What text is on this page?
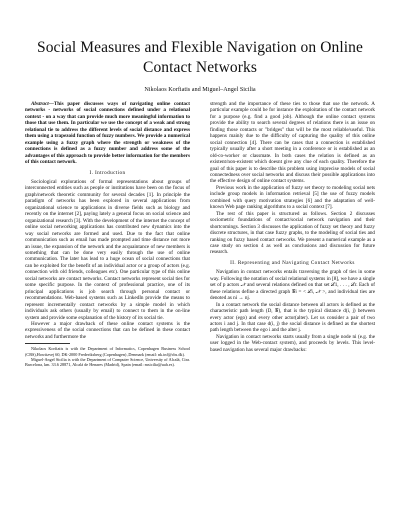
Social Measures and Flexible Navigation on Online Contact Networks
Nikolaos Korfiatis and Miguel–Angel Sicilia

Abstract—This paper discusses ways of navigating online contact networks - networks of social connections defined under a relational context - on a way that can provide much more meaningful information to those that use them. In particular we use the concept of a weak and strong relational tie to address the different levels of social distance and express them using a trapezoid function of fuzzy numbers. We provide a numerical example using a fuzzy graph where the strength or weakness of the connections is defined as a fuzzy number and address some of the advantages of this approach to provide better information for the members of this contact network.

I. Introduction

Sociological explorations of formal representations about groups of interconnected entities such as people or institutions have been on the focus of graph/network theoretic community for several decades [1]. In principle the paradigm of networks has been explored in several applications from organizational science to applications in diverse fields such as biology and recently on the internet [2], paying lately a general focus on social science and organizational research [3]. With the development of the internet the concept of online social networking applications has contributed new dynamics into the way social networks are formed and used. Due to the fact that online communication such as email has made prompted and time distance not more an issue, the expansion of the network and the acquaintance of new members is something that can be done very easily through the use of online communication. The later has lead to a huge ocean of social connections that can be exploited for the benefit of an individual actor or a group of actors (e.g. connection with old friends, colleagues etc). One particular type of this online social networks are contact networks. Contact networks represent social ties for some specific purpose. In the context of professional practice, one of its principal applications is job search through personal contact or recommendations. Web-based systems such as LinkedIn provide the means to represent incrementally contact networks by a simple model in which individuals ask others (usually by email) to connect to them in the on-line system and provide some explanation of the history of its social tie.

However a major drawback of these online contact systems is the expressiveness of the social connections that can be defined in these contact networks and furthermore the

Nikolaos Korfiatis is with the Department of Informatics, Copenhagen Business School (CBS),Howitzvej 60, DK-2000 Frederiksberg (Copenhagen) ,Denmark (email: nk.inf@cbs.dk).

Miguel-Angel Sicilia is with the Department of Computer Science, University of Alcalá, Ctra. Barcelona, km. 33.6 28871, Alcalá de Henares (Madrid), Spain (email: msicilia@uah.es).

strength and the importance of these ties to those that use the network. A particular example could be for instance the exploitation of the contact network for a purpose (e.g. find a good job). Although the online contact systems provide the ability to search several degrees of relations there is an issue on finding those contacts or "bridges" that will be the most reliable/useful. This happens mainly due to the difficulty of capturing the quality of this online social connection [4]. There can be cases that a connection is established typically usually after a short meeting in a conference or is established as an old-co-worker or classmate. In both cases the relation is defined as an existent/non-existent which doesnt give any clue of each quality. Therefore the goal of this paper is to describe this problem using imprecise models of social connectedness over social networks and discuss their possible applications into the effective design of online contact systems.

Previous work in the application of fuzzy set theory to modeling social nets include group models in information retrieval [5] the use of fuzzy models combined with query motivation strategies [6] and the adaptation of well-known Web page ranking algorithms to a social context [7].

The rest of this paper is structured as follows. Section 2 discusses sociometric foundations of contact/social network navigation and their shortcomings. Section 3 discusses the application of fuzzy set theory and fuzzy discrete structures, in that case fuzzy graphs, to the modeling of social ties and ranking on fuzzy based contact networks. We present a numerical example as a case study on section 4 as well as conclusions and discussion for future research.

II. Representing and Navigating Contact Networks

Navigation in contact networks entails traversing the graph of ties in some way. Following the notation of social relational systems in [8], we have a single set of p actors 𝒩 and several relations defined on that set ℒ1, . . . , ℒr. Each of these relations define a directed graph 𝒢i = < ℒi, 𝒩 >, and individual ties are denoted as ni → nj.

In a contact network the social distance between all actors is defined as the characteristic path length (D, 𝒢), that is the typical distance d(i, j) between every actor (ego) and every other actor(alter). Let us consider a pair of two actors i and j. In that case d(i, j) the social distance is defined as the shortest path length between the ego i and the alter j.

Navigation in contact networks starts usually from a single node ni (e.g. the user logged in the Web-contact system), and proceeds by levels. This level-based navigation has several major drawbacks:
